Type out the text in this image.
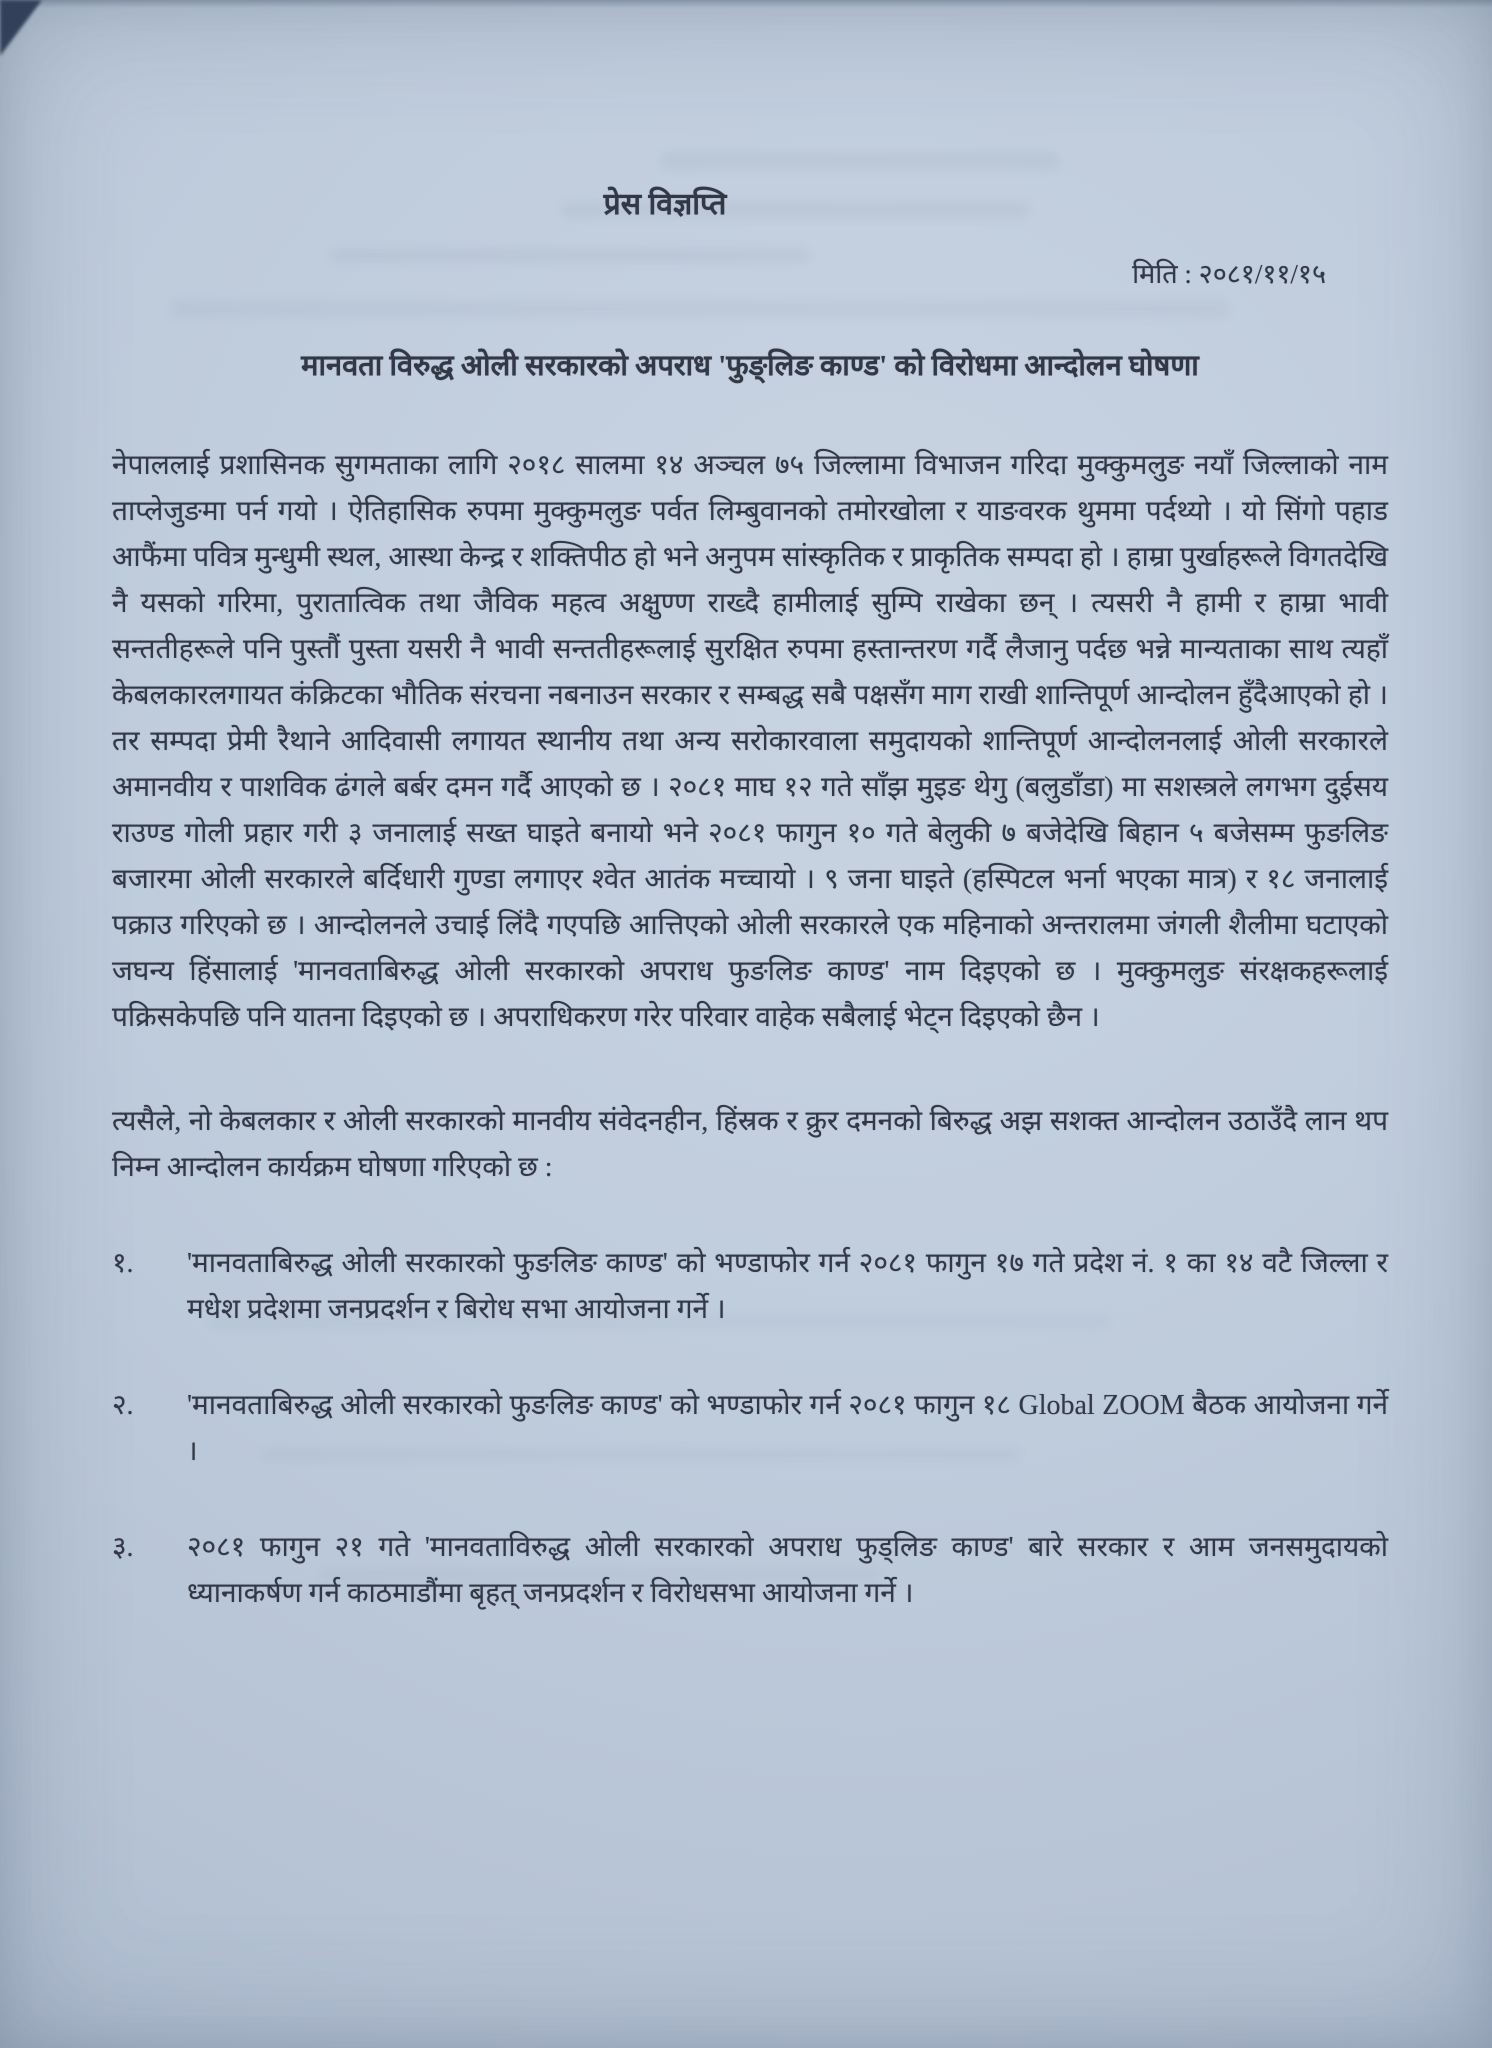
प्रेस विज्ञप्ति
मिति : २०८१/११/१५
मानवता विरुद्ध ओली सरकारको अपराध 'फुङ्लिङ काण्ड' को विरोधमा आन्दोलन घोषणा

नेपाललाई प्रशासिनक सुगमताका लागि २०१८ सालमा १४ अञ्चल ७५ जिल्लामा विभाजन गरिदा मुक्कुमलुङ नयाँ जिल्लाको नाम ताप्लेजुङमा पर्न गयो । ऐतिहासिक रुपमा मुक्कुमलुङ पर्वत लिम्बुवानको तमोरखोला र याङवरक थुममा पर्दथ्यो । यो सिंगो पहाड आफैंमा पवित्र मुन्धुमी स्थल, आस्था केन्द्र र शक्तिपीठ हो भने अनुपम सांस्कृतिक र प्राकृतिक सम्पदा हो । हाम्रा पुर्खाहरूले विगतदेखि नै यसको गरिमा, पुरातात्विक तथा जैविक महत्व अक्षुण्ण राख्दै हामीलाई सुम्पि राखेका छन् । त्यसरी नै हामी र हाम्रा भावी सन्ततीहरूले पनि पुस्तौं पुस्ता यसरी नै भावी सन्ततीहरूलाई सुरक्षित रुपमा हस्तान्तरण गर्दै लैजानु पर्दछ भन्ने मान्यताका साथ त्यहाँ केबलकारलगायत कंक्रिटका भौतिक संरचना नबनाउन सरकार र सम्बद्ध सबै पक्षसँग माग राखी शान्तिपूर्ण आन्दोलन हुँदैआएको हो । तर सम्पदा प्रेमी रैथाने आदिवासी लगायत स्थानीय तथा अन्य सरोकारवाला समुदायको शान्तिपूर्ण आन्दोलनलाई ओली सरकारले अमानवीय र पाशविक ढंगले बर्बर दमन गर्दै आएको छ । २०८१ माघ १२ गते साँझ मुइङ थेगु (बलुडाँडा) मा सशस्त्रले लगभग दुईसय राउण्ड गोली प्रहार गरी ३ जनालाई सख्त घाइते बनायो भने २०८१ फागुन १० गते बेलुकी ७ बजेदेखि बिहान ५ बजेसम्म फुङलिङ बजारमा ओली सरकारले बर्दिधारी गुण्डा लगाएर श्वेत आतंक मच्चायो । ९ जना घाइते (हस्पिटल भर्ना भएका मात्र) र १८ जनालाई पक्राउ गरिएको छ । आन्दोलनले उचाई लिंदै गएपछि आत्तिएको ओली सरकारले एक महिनाको अन्तरालमा जंगली शैलीमा घटाएको जघन्य हिंसालाई 'मानवताबिरुद्ध ओली सरकारको अपराध फुङलिङ काण्ड' नाम दिइएको छ । मुक्कुमलुङ संरक्षकहरूलाई पक्रिसकेपछि पनि यातना दिइएको छ । अपराधिकरण गरेर परिवार वाहेक सबैलाई भेट्न दिइएको छैन ।

त्यसैले, नो केबलकार र ओली सरकारको मानवीय संवेदनहीन, हिंस्रक र क्रुर दमनको बिरुद्ध अझ सशक्त आन्दोलन उठाउँदै लान थप निम्न आन्दोलन कार्यक्रम घोषणा गरिएको छ :

१.	'मानवताबिरुद्ध ओली सरकारको फुङलिङ काण्ड' को भण्डाफोर गर्न २०८१ फागुन १७ गते प्रदेश नं. १ का १४ वटै जिल्ला र मधेश प्रदेशमा जनप्रदर्शन र बिरोध सभा आयोजना गर्ने ।
२.	'मानवताबिरुद्ध ओली सरकारको फुङलिङ काण्ड' को भण्डाफोर गर्न २०८१ फागुन १८ Global ZOOM बैठक आयोजना गर्ने ।
३.	२०८१ फागुन २१ गते 'मानवताविरुद्ध ओली सरकारको अपराध फुड्लिङ काण्ड' बारे सरकार र आम जनसमुदायको ध्यानाकर्षण गर्न काठमाडौंमा बृहत् जनप्रदर्शन र विरोधसभा आयोजना गर्ने ।
